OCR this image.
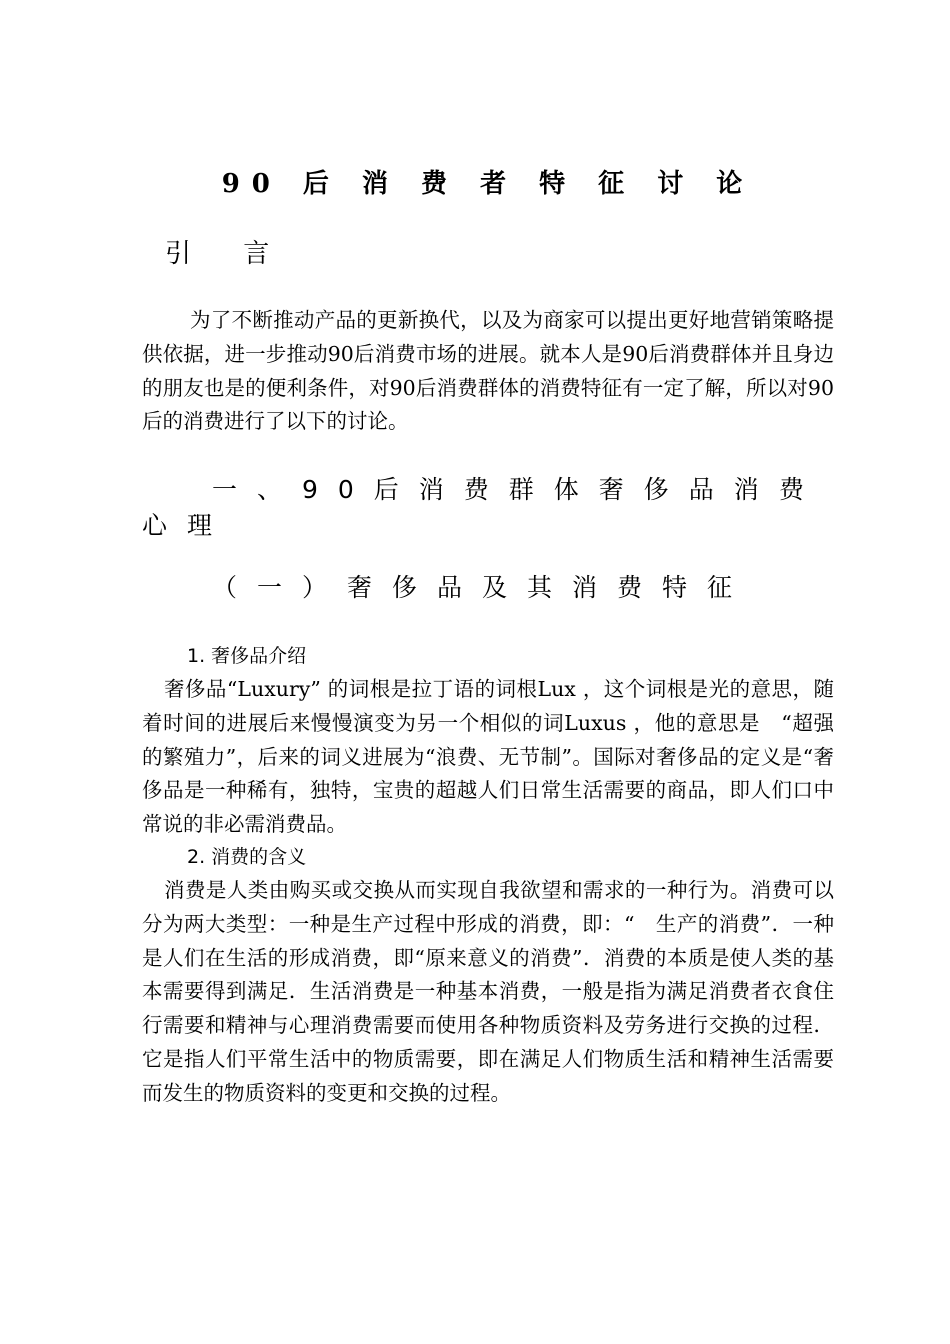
90 后 消 费 者 特 征 讨 论
引 言
为了不断推动产品的更新换代，以及为商家可以提出更好地营销策略提供依据，进一步推动90后消费市场的进展。就本人是90后消费群体并且身边的朋友也是的便利条件，对90后消费群体的消费特征有一定了解，所以对90后的消费进行了以下的讨论。
一、90后消费群体奢侈品消费心理
（一）奢侈品及其消费特征
1. 奢侈品介绍
奢侈品“Luxury” 的词根是拉丁语的词根Lux ，这个词根是光的意思，随着时间的进展后来慢慢演变为另一个相似的词Luxus ，他的意思是　“超强的繁殖力”，后来的词义进展为“浪费、无节制”。国际对奢侈品的定义是“奢侈品是一种稀有，独特，宝贵的超越人们日常生活需要的商品，即人们口中常说的非必需消费品。
2. 消费的含义
消费是人类由购买或交换从而实现自我欲望和需求的一种行为。消费可以分为两大类型：一种是生产过程中形成的消费，即：“　生产的消费”．一种是人们在生活的形成消费，即“原来意义的消费”．消费的本质是使人类的基本需要得到满足．生活消费是一种基本消费，一般是指为满足消费者衣食住行需要和精神与心理消费需要而使用各种物质资料及劳务进行交换的过程．它是指人们平常生活中的物质需要，即在满足人们物质生活和精神生活需要而发生的物质资料的变更和交换的过程。
